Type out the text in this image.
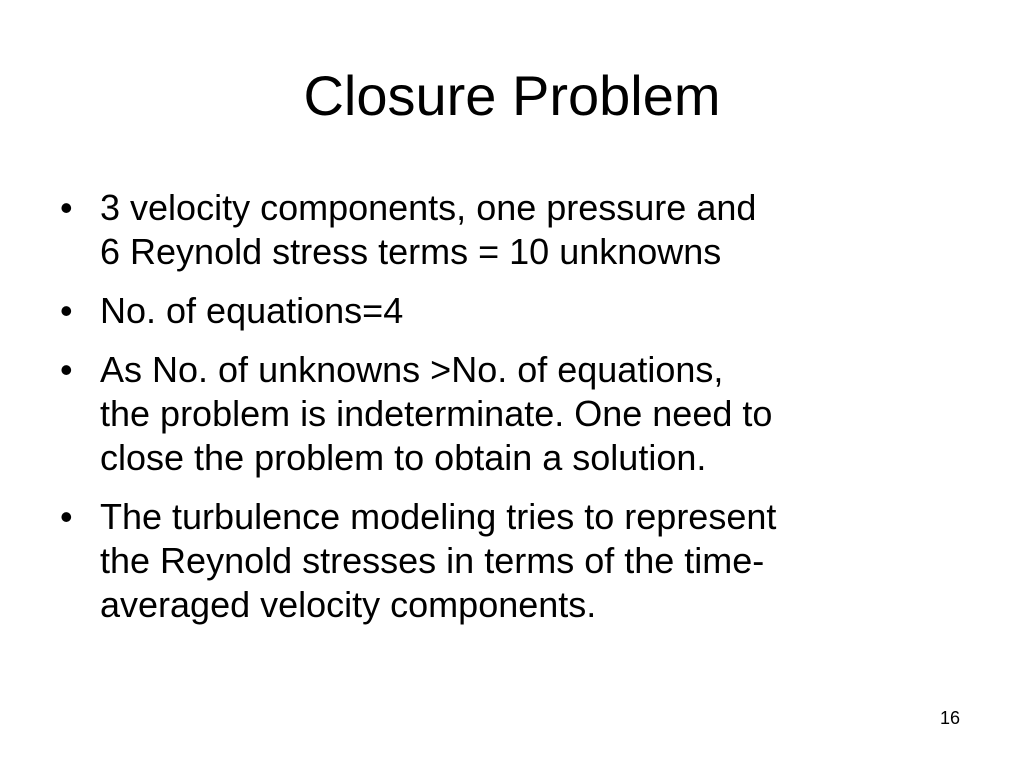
Closure Problem
• 3 velocity components, one pressure and
6 Reynold stress terms = 10 unknowns
• No. of equations=4
• As No. of unknowns >No. of equations,
the problem is indeterminate. One need to
close the problem to obtain a solution.
• The turbulence modeling tries to represent
the Reynold stresses in terms of the time-
averaged velocity components.
16
